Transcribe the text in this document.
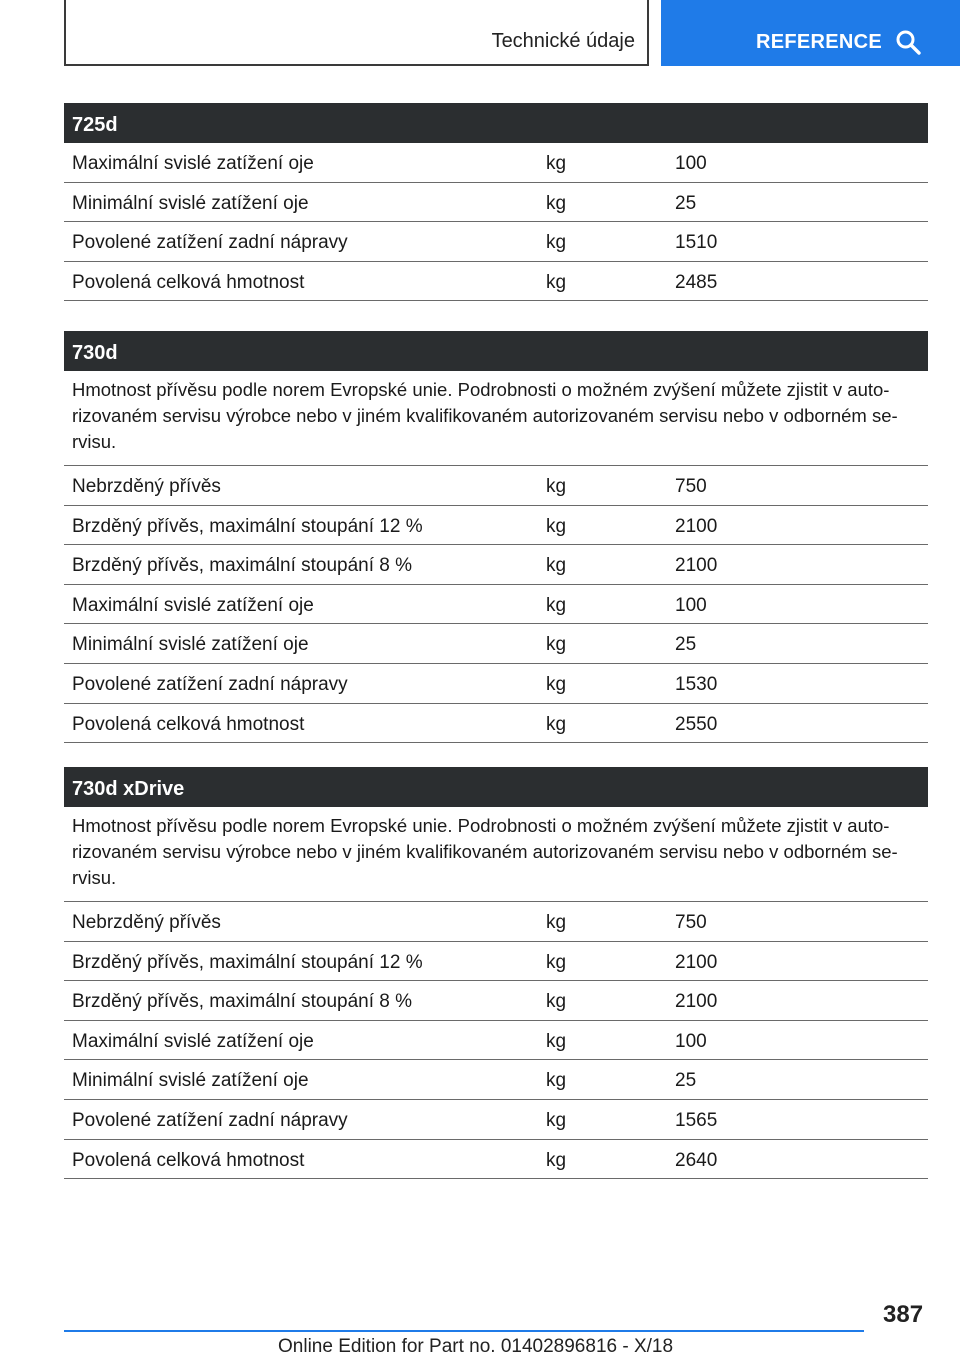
Technické údaje	REFERENCE
725d
Maximální svislé zatížení oje	kg	100
Minimální svislé zatížení oje	kg	25
Povolené zatížení zadní nápravy	kg	1510
Povolená celková hmotnost	kg	2485
730d
Hmotnost přívěsu podle norem Evropské unie. Podrobnosti o možném zvýšení můžete zjistit v auto- rizovaném servisu výrobce nebo v jiném kvalifikovaném autorizovaném servisu nebo v odborném se- rvisu.
Nebrzděný přívěs	kg	750
Brzděný přívěs, maximální stoupání 12 %	kg	2100
Brzděný přívěs, maximální stoupání 8 %	kg	2100
Maximální svislé zatížení oje	kg	100
Minimální svislé zatížení oje	kg	25
Povolené zatížení zadní nápravy	kg	1530
Povolená celková hmotnost	kg	2550
730d xDrive
Hmotnost přívěsu podle norem Evropské unie. Podrobnosti o možném zvýšení můžete zjistit v auto- rizovaném servisu výrobce nebo v jiném kvalifikovaném autorizovaném servisu nebo v odborném se- rvisu.
Nebrzděný přívěs	kg	750
Brzděný přívěs, maximální stoupání 12 %	kg	2100
Brzděný přívěs, maximální stoupání 8 %	kg	2100
Maximální svislé zatížení oje	kg	100
Minimální svislé zatížení oje	kg	25
Povolené zatížení zadní nápravy	kg	1565
Povolená celková hmotnost	kg	2640
387
Online Edition for Part no. 01402896816 - X/18
